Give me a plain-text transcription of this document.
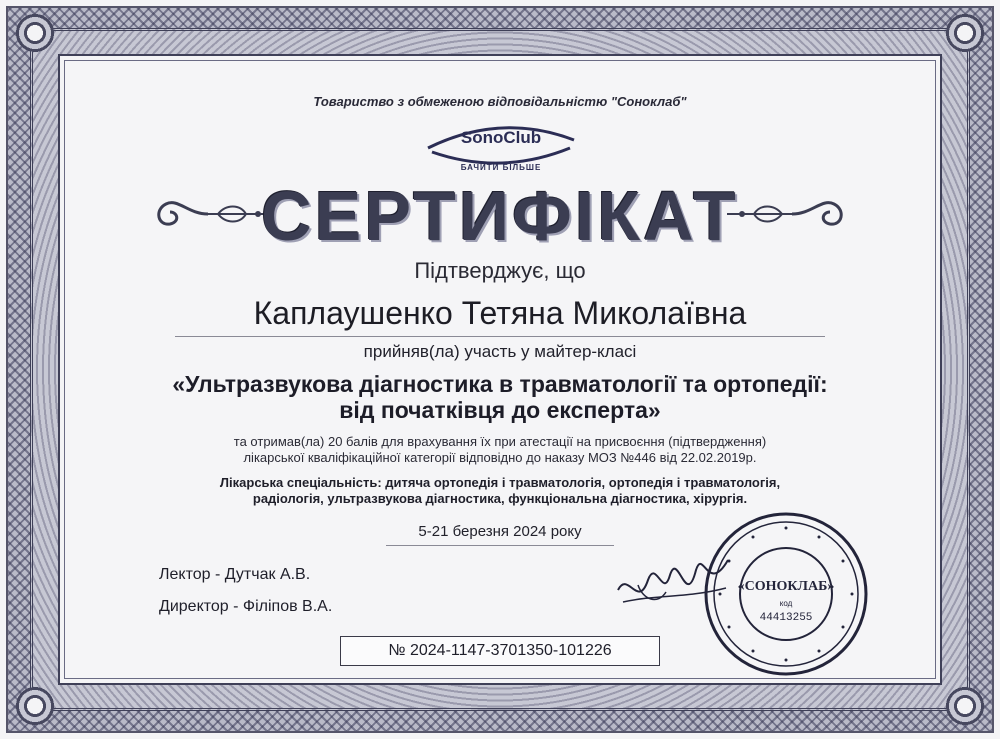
Товариство з обмеженою відповідальністю "Соноклаб"
SonoClub
БАЧИТИ БІЛЬШЕ
СЕРТИФІКАТ
Підтверджує, що
Каплаушенко Тетяна Миколаївна
прийняв(ла) участь у майтер-класі
«Ультразвукова діагностика в травматології та ортопедії:
від початківця до експерта»
та отримав(ла) 20 балів для врахування їх при атестації на присвоєння (підтвердження)
лікарської кваліфікаційної категорії відповідно до наказу МОЗ №446 від 22.02.2019р.
Лікарська спеціальність: дитяча ортопедія і травматологія, ортопедія і травматологія,
радіологія, ультразвукова діагностика, функціональна діагностика, хірургія.
5-21 березня 2024 року
Лектор - Дутчак А.В.
Директор - Філіпов В.А.
«СОНОКЛАБ»
код
44413255
№ 2024-1147-3701350-101226
